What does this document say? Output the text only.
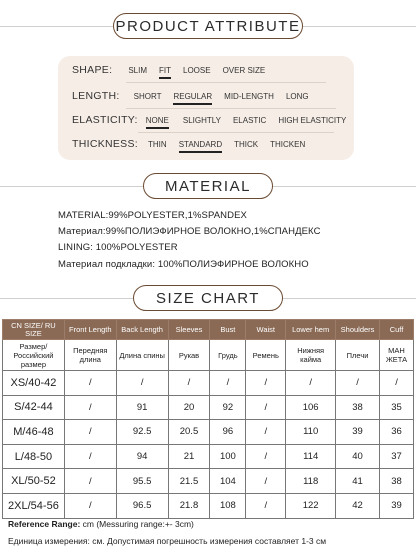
PRODUCT ATTRIBUTE
SHAPE: SLIM FIT LOOSE OVER SIZE
LENGTH: SHORT REGULAR MID-LENGTH LONG
ELASTICITY: NONE SLIGHTLY ELASTIC HIGH ELASTICITY
THICKNESS: THIN STANDARD THICK THICKEN
MATERIAL
MATERIAL:99%POLYESTER,1%SPANDEX
Материал:99%ПОЛИЭФИРНОЕ ВОЛОКНО,1%СПАНДЕКС
LINING: 100%POLYESTER
Материал подкладки: 100%ПОЛИЭФИРНОЕ ВОЛОКНО
SIZE CHART
CN SIZE/ RU SIZE	Front Length	Back Length	Sleeves	Bust	Waist	Lower hem	Shoulders	Cuff
Размер/ Российский размер	Передняя длина	Длина спины	Рукав	Грудь	Ремень	Нижняя кайма	Плечи	МАН ЖЕТА
XS/40-42	/	/	/	/	/	/	/	/
S/42-44	/	91	20	92	/	106	38	35
M/46-48	/	92.5	20.5	96	/	110	39	36
L/48-50	/	94	21	100	/	114	40	37
XL/50-52	/	95.5	21.5	104	/	118	41	38
2XL/54-56	/	96.5	21.8	108	/	122	42	39
Reference Range: cm (Messuring range:+- 3cm)
Единица измерения: см. Допустимая погрешность измерения составляет 1-3 см
